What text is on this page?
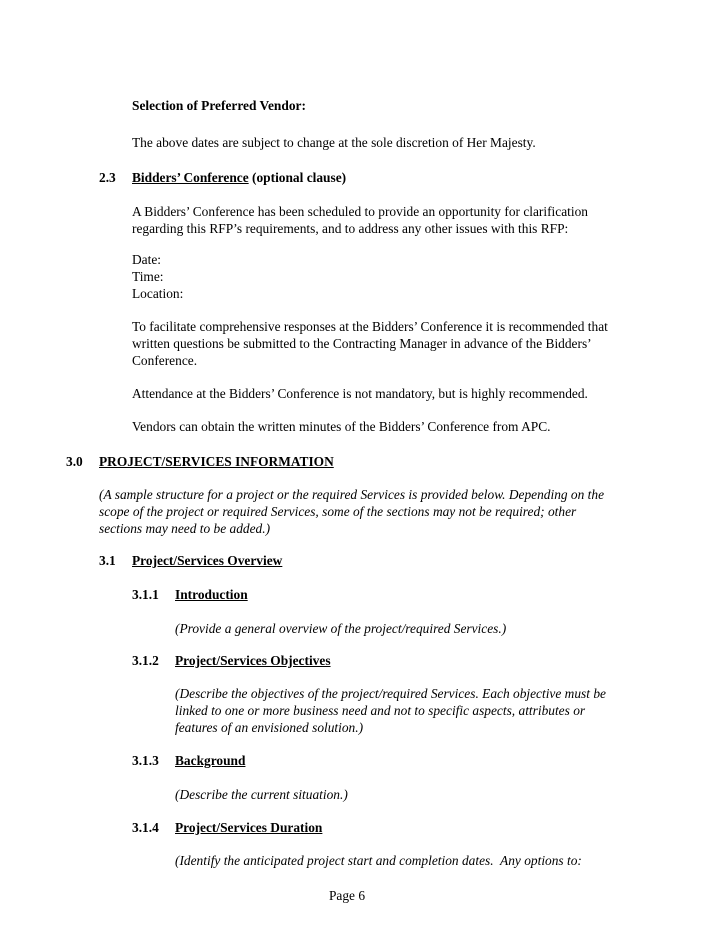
Selection of Preferred Vendor:
The above dates are subject to change at the sole discretion of Her Majesty.
2.3 Bidders’ Conference (optional clause)
A Bidders’ Conference has been scheduled to provide an opportunity for clarification
regarding this RFP’s requirements, and to address any other issues with this RFP:
Date:
Time:
Location:
To facilitate comprehensive responses at the Bidders’ Conference it is recommended that
written questions be submitted to the Contracting Manager in advance of the Bidders’
Conference.
Attendance at the Bidders’ Conference is not mandatory, but is highly recommended.
Vendors can obtain the written minutes of the Bidders’ Conference from APC.
3.0 PROJECT/SERVICES INFORMATION
(A sample structure for a project or the required Services is provided below. Depending on the
scope of the project or required Services, some of the sections may not be required; other
sections may need to be added.)
3.1 Project/Services Overview
3.1.1 Introduction
(Provide a general overview of the project/required Services.)
3.1.2 Project/Services Objectives
(Describe the objectives of the project/required Services. Each objective must be
linked to one or more business need and not to specific aspects, attributes or
features of an envisioned solution.)
3.1.3 Background
(Describe the current situation.)
3.1.4 Project/Services Duration
(Identify the anticipated project start and completion dates.  Any options to:
Page 6
